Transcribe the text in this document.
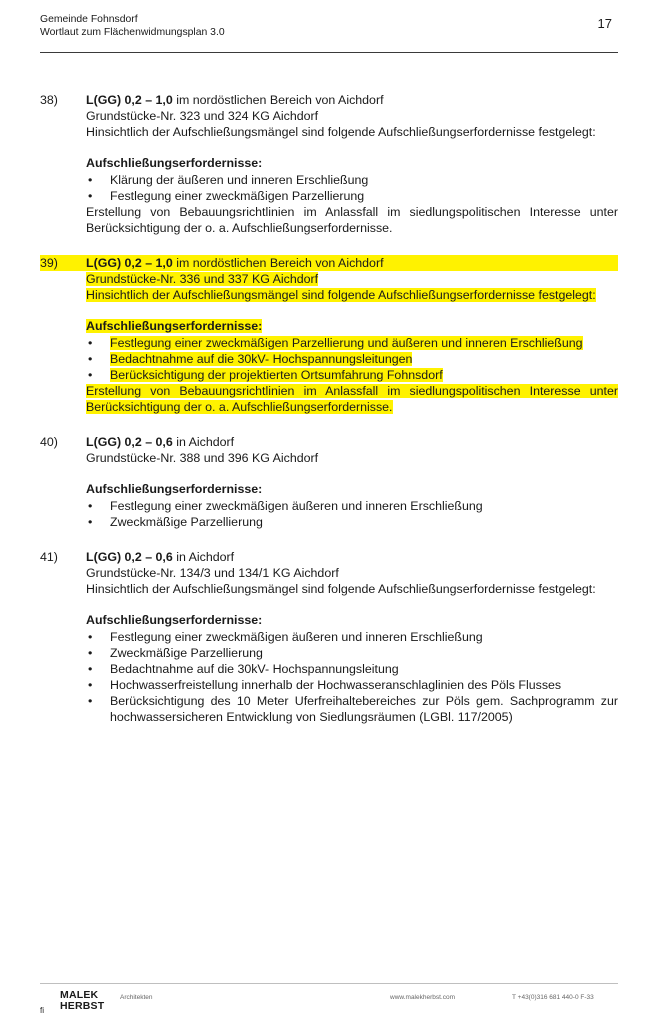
Gemeinde Fohnsdorf
Wortlaut zum Flächenwidmungsplan 3.0
17
38)	L(GG) 0,2 – 1,0 im nordöstlichen Bereich von Aichdorf

Grundstücke-Nr. 323 und 324 KG Aichdorf

Hinsichtlich der Aufschließungsmängel sind folgende Aufschließungserfordernisse festgelegt:

Aufschließungserfordernisse:
• Klärung der äußeren und inneren Erschließung
• Festlegung einer zweckmäßigen Parzellierung

Erstellung von Bebauungsrichtlinien im Anlassfall im siedlungspolitischen Interesse unter Berücksichtigung der o. a. Aufschließungserfordernisse.

39)	L(GG) 0,2 – 1,0 im nordöstlichen Bereich von Aichdorf

Grundstücke-Nr. 336 und 337 KG Aichdorf

Hinsichtlich der Aufschließungsmängel sind folgende Aufschließungserfordernisse festgelegt:

Aufschließungserfordernisse:
• Festlegung einer zweckmäßigen Parzellierung und äußeren und inneren Erschließung
• Bedachtnahme auf die 30kV- Hochspannungsleitungen
• Berücksichtigung der projektierten Ortsumfahrung Fohnsdorf

Erstellung von Bebauungsrichtlinien im Anlassfall im siedlungspolitischen Interesse unter Berücksichtigung der o. a. Aufschließungserfordernisse.

40)	L(GG) 0,2 – 0,6 in Aichdorf

Grundstücke-Nr. 388 und 396 KG Aichdorf

Aufschließungserfordernisse:
• Festlegung einer zweckmäßigen äußeren und inneren Erschließung
• Zweckmäßige Parzellierung
41)	L(GG) 0,2 – 0,6 in Aichdorf

Grundstücke-Nr. 134/3 und 134/1 KG Aichdorf

Hinsichtlich der Aufschließungsmängel sind folgende Aufschließungserfordernisse festgelegt:

Aufschließungserfordernisse:
• Festlegung einer zweckmäßigen äußeren und inneren Erschließung
• Zweckmäßige Parzellierung
• Bedachtnahme auf die 30kV- Hochspannungsleitung
• Hochwasserfreistellung innerhalb der Hochwasseranschlaglinien des Pöls Flusses
• Berücksichtigung des 10 Meter Uferfreihaltebereiches zur Pöls gem. Sachprogramm zur hochwassersicheren Entwicklung von Siedlungsräumen (LGBl. 117/2005)
fi
MALEK
HERBST
Architekten	www.malekherbst.com	T +43(0)316 681 440-0 F-33
